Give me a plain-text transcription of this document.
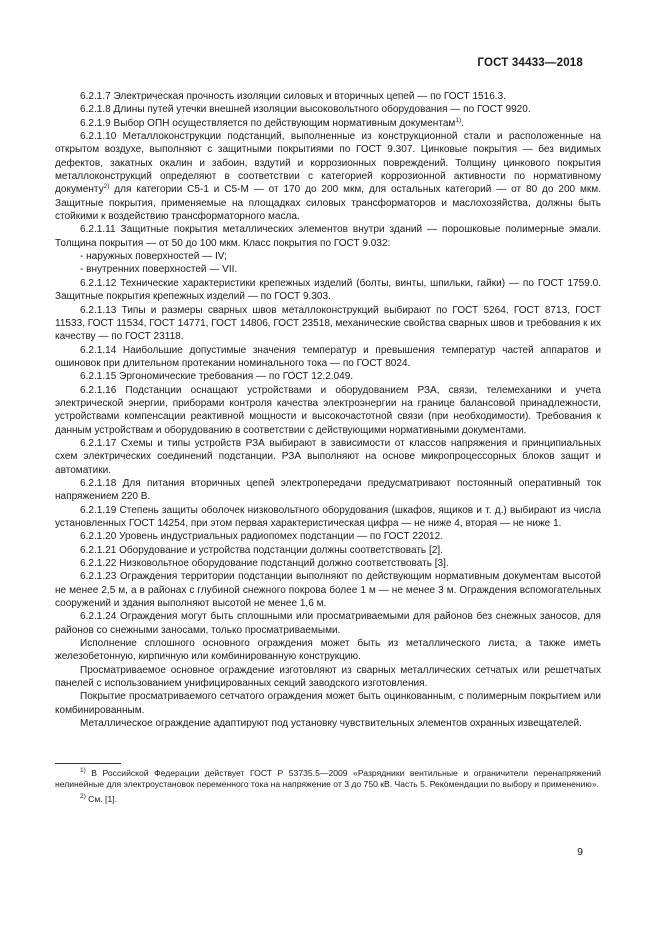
ГОСТ 34433—2018

6.2.1.7 Электрическая прочность изоляции силовых и вторичных цепей — по ГОСТ 1516.3.

6.2.1.8 Длины путей утечки внешней изоляции высоковольтного оборудования — по ГОСТ 9920.

6.2.1.9 Выбор ОПН осуществляется по действующим нормативным документам$^{1)}$.

6.2.1.10 Металлоконструкции подстанций, выполненные из конструкционной стали и расположенные на открытом воздухе, выполняют с защитными покрытиями по ГОСТ 9.307. Цинковые покрытия — без видимых дефектов, закатных окалин и забоин, вздутий и коррозионных повреждений. Толщину цинкового покрытия металлоконструкций определяют в соответствии с категорией коррозионной активности по нормативному документу$^{2)}$ для категории С5-1 и С5-М — от 170 до 200 мкм, для остальных категорий — от 80 до 200 мкм. Защитные покрытия, применяемые на площадках силовых трансформаторов и маслохозяйства, должны быть стойкими к воздействию трансформаторного масла.

6.2.1.11 Защитные покрытия металлических элементов внутри зданий — порошковые полимерные эмали. Толщина покрытия — от 50 до 100 мкм. Класс покрытия по ГОСТ 9.032:

- наружных поверхностей — IV;

- внутренних поверхностей — VII.

6.2.1.12 Технические характеристики крепежных изделий (болты, винты, шпильки, гайки) — по ГОСТ 1759.0. Защитные покрытия крепежных изделий — по ГОСТ 9.303.

6.2.1.13 Типы и размеры сварных швов металлоконструкций выбирают по ГОСТ 5264, ГОСТ 8713, ГОСТ 11533, ГОСТ 11534, ГОСТ 14771, ГОСТ 14806, ГОСТ 23518, механические свойства сварных швов и требования к их качеству — по ГОСТ 23118.

6.2.1.14 Наибольшие допустимые значения температур и превышения температур частей аппаратов и ошиновок при длительном протекании номинального тока — по ГОСТ 8024.

6.2.1.15 Эргономические требования — по ГОСТ 12.2.049.

6.2.1.16 Подстанции оснащают устройствами и оборудованием РЗА, связи, телемеханики и учета электрической энергии, приборами контроля качества электроэнергии на границе балансовой принадлежности, устройствами компенсации реактивной мощности и высокочастотной связи (при необходимости). Требования к данным устройствам и оборудованию в соответствии с действующими нормативными документами.

6.2.1.17 Схемы и типы устройств РЗА выбирают в зависимости от классов напряжения и принципиальных схем электрических соединений подстанции. РЗА выполняют на основе микропроцессорных блоков защит и автоматики.

6.2.1.18 Для питания вторичных цепей электропередачи предусматривают постоянный оперативный ток напряжением 220 В.

6.2.1.19 Степень защиты оболочек низковольтного оборудования (шкафов, ящиков и т. д.) выбирают из числа установленных ГОСТ 14254, при этом первая характеристическая цифра — не ниже 4, вторая — не ниже 1.

6.2.1.20 Уровень индустриальных радиопомех подстанции — по ГОСТ 22012.

6.2.1.21 Оборудование и устройства подстанции должны соответствовать [2].

6.2.1.22 Низковольтное оборудование подстанций должно соответствовать [3].

6.2.1.23 Ограждения территории подстанции выполняют по действующим нормативным документам высотой не менее 2,5 м, а в районах с глубиной снежного покрова более 1 м — не менее 3 м. Ограждения вспомогательных сооружений и здания выполняют высотой не менее 1,6 м.

6.2.1.24 Ограждения могут быть сплошными или просматриваемыми для районов без снежных заносов, для районов со снежными заносами, только просматриваемыми.

Исполнение сплошного основного ограждения может быть из металлического листа, а также иметь железобетонную, кирпичную или комбинированную конструкцию.

Просматриваемое основное ограждение изготовляют из сварных металлических сетчатых или решетчатых панелей с использованием унифицированных секций заводского изготовления.

Покрытие просматриваемого сетчатого ограждения может быть оцинкованным, с полимерным покрытием или комбинированным.

Металлическое ограждение адаптируют под установку чувствительных элементов охранных извещателей.

$^{1)}$ В Российской Федерации действует ГОСТ Р 53735.5—2009 «Разрядники вентильные и ограничители перенапряжений нелинейные для электроустановок переменного тока на напряжение от 3 до 750 кВ. Часть 5. Рекомендации по выбору и применению».

$^{2)}$ См. [1].

9
